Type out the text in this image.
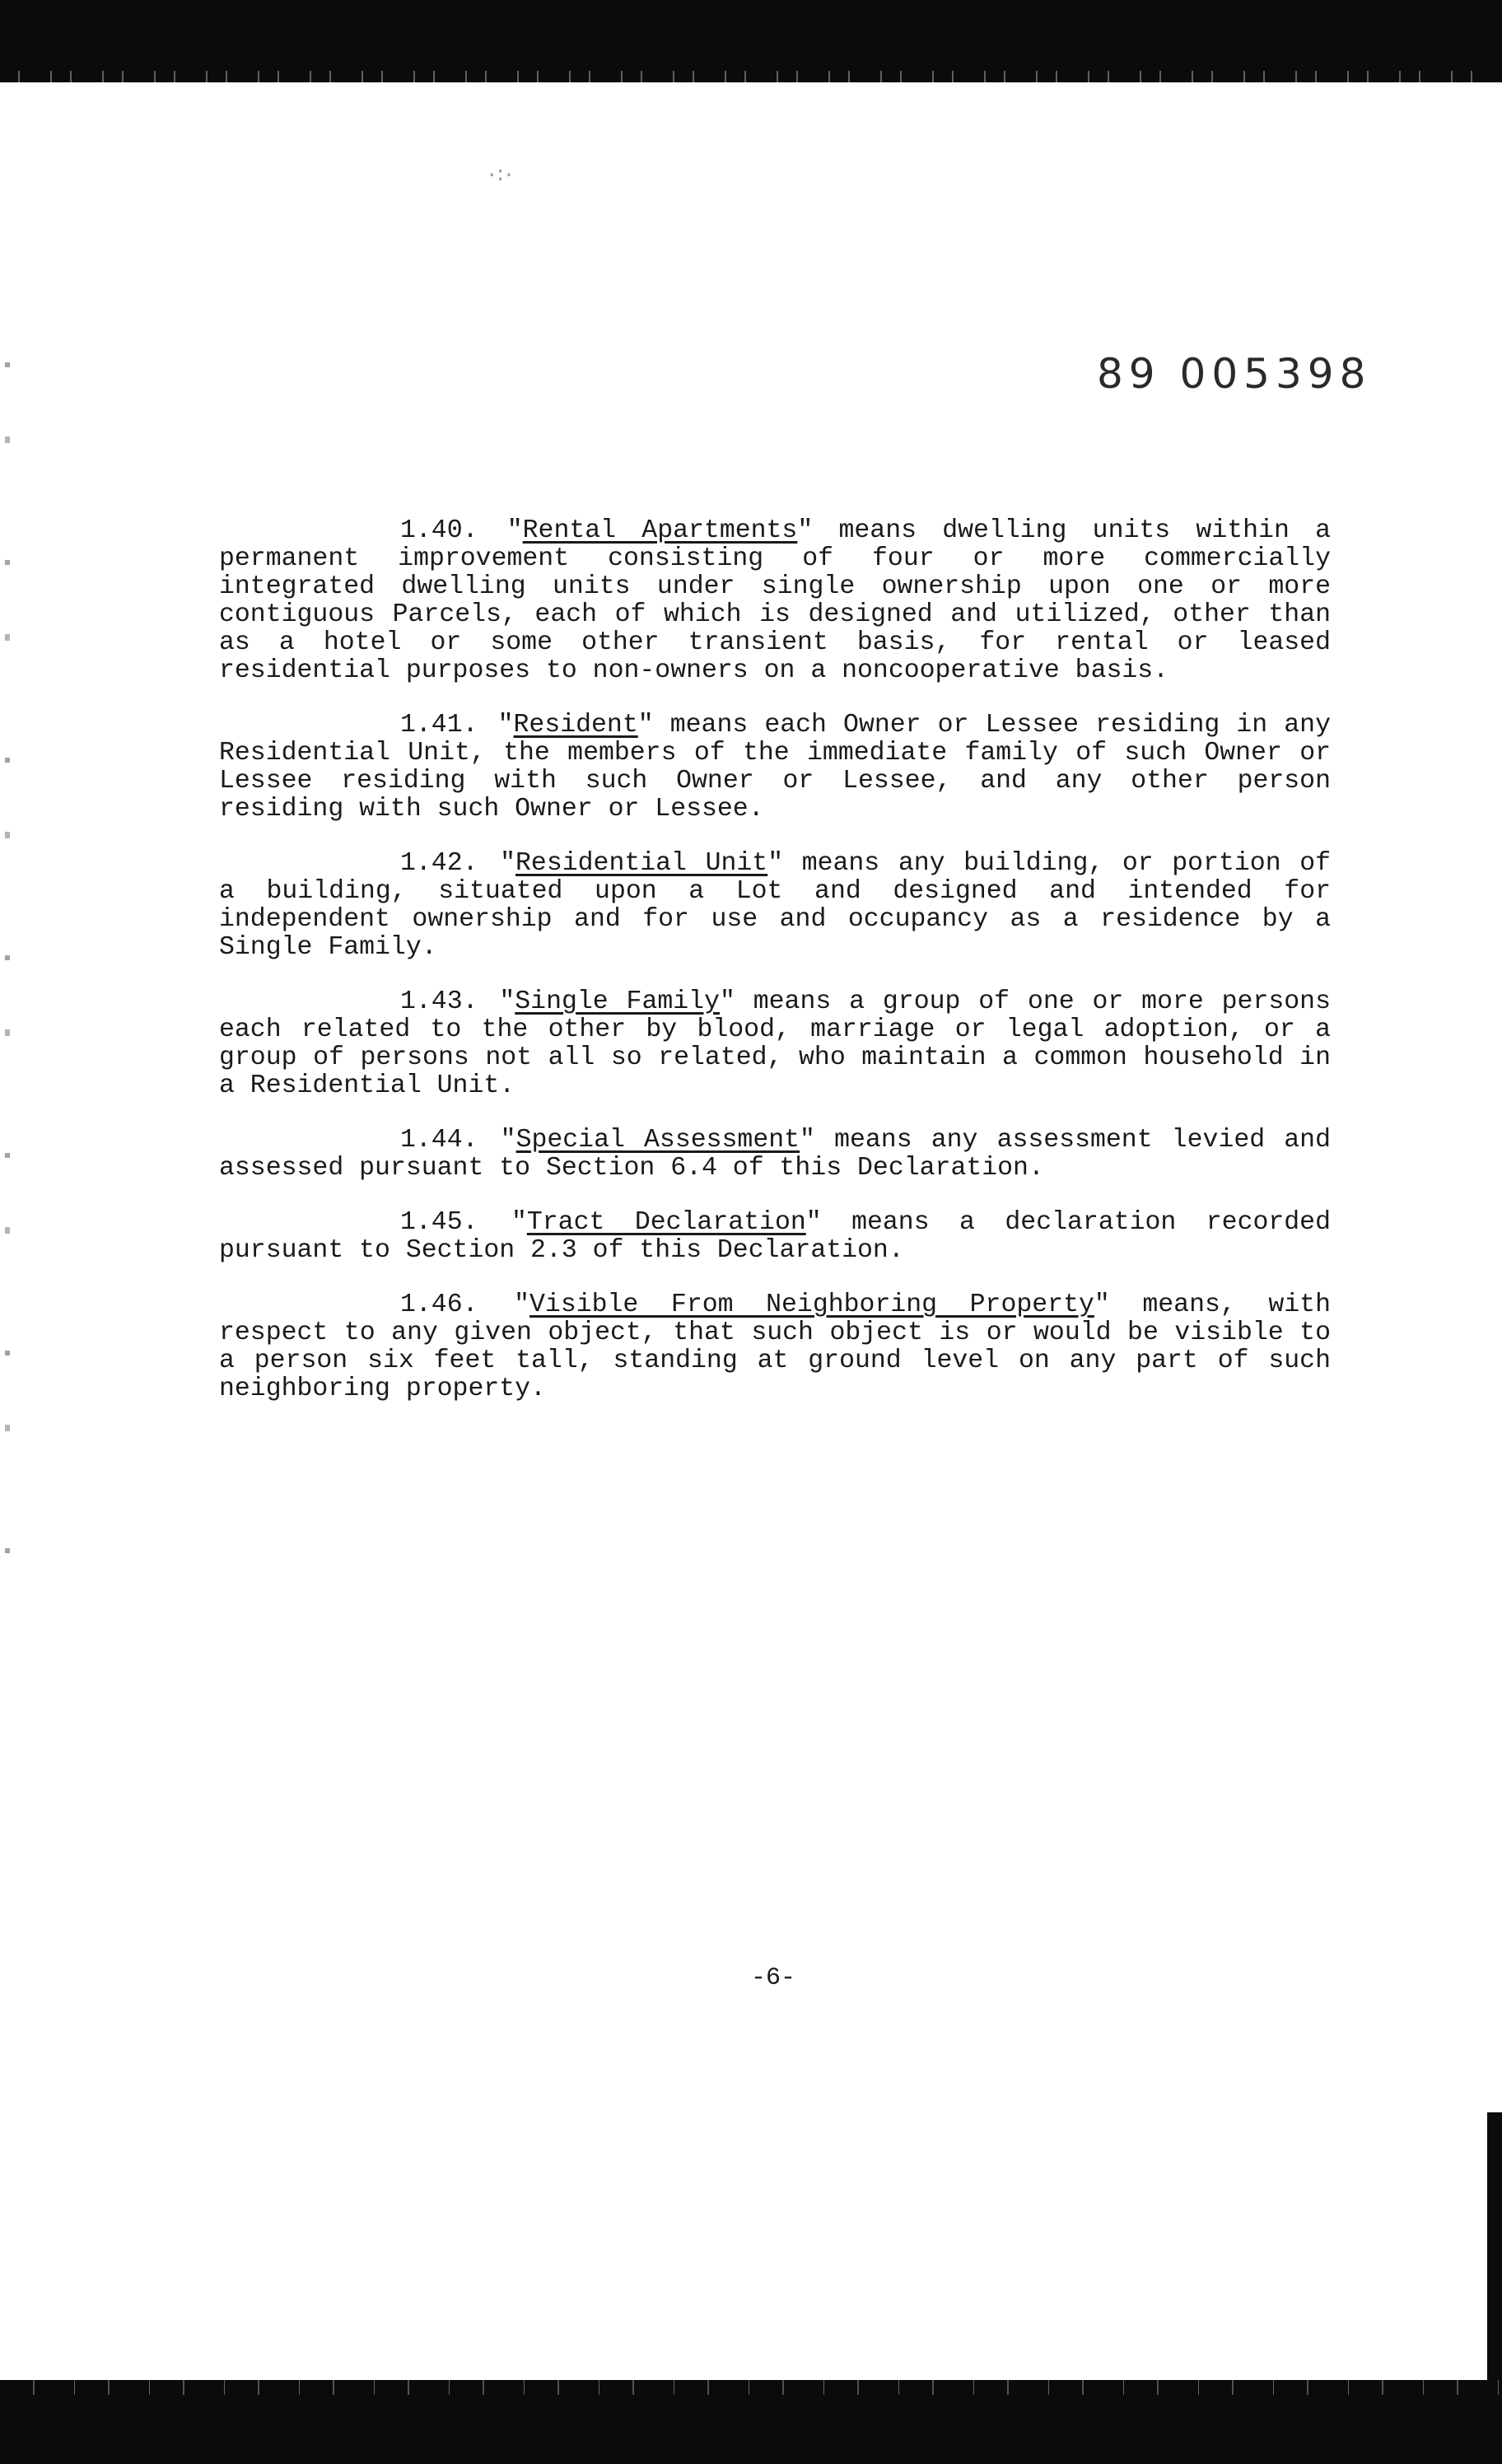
·:·
89 005398

1.40. "Rental Apartments" means dwelling units within a permanent improvement consisting of four or more commercially integrated dwelling units under single ownership upon one or more contiguous Parcels, each of which is designed and utilized, other than as a hotel or some other transient basis, for rental or leased residential purposes to non-owners on a noncooperative basis.

1.41. "Resident" means each Owner or Lessee residing in any Residential Unit, the members of the immediate family of such Owner or Lessee residing with such Owner or Lessee, and any other person residing with such Owner or Lessee.

1.42. "Residential Unit" means any building, or portion of a building, situated upon a Lot and designed and intended for independent ownership and for use and occupancy as a residence by a Single Family.

1.43. "Single Family" means a group of one or more persons each related to the other by blood, marriage or legal adoption, or a group of persons not all so related, who maintain a common household in a Residential Unit.

1.44. "Special Assessment" means any assessment levied and assessed pursuant to Section 6.4 of this Declaration.

1.45. "Tract Declaration" means a declaration recorded pursuant to Section 2.3 of this Declaration.

1.46. "Visible From Neighboring Property" means, with respect to any given object, that such object is or would be visible to a person six feet tall, standing at ground level on any part of such neighboring property.

-6-
